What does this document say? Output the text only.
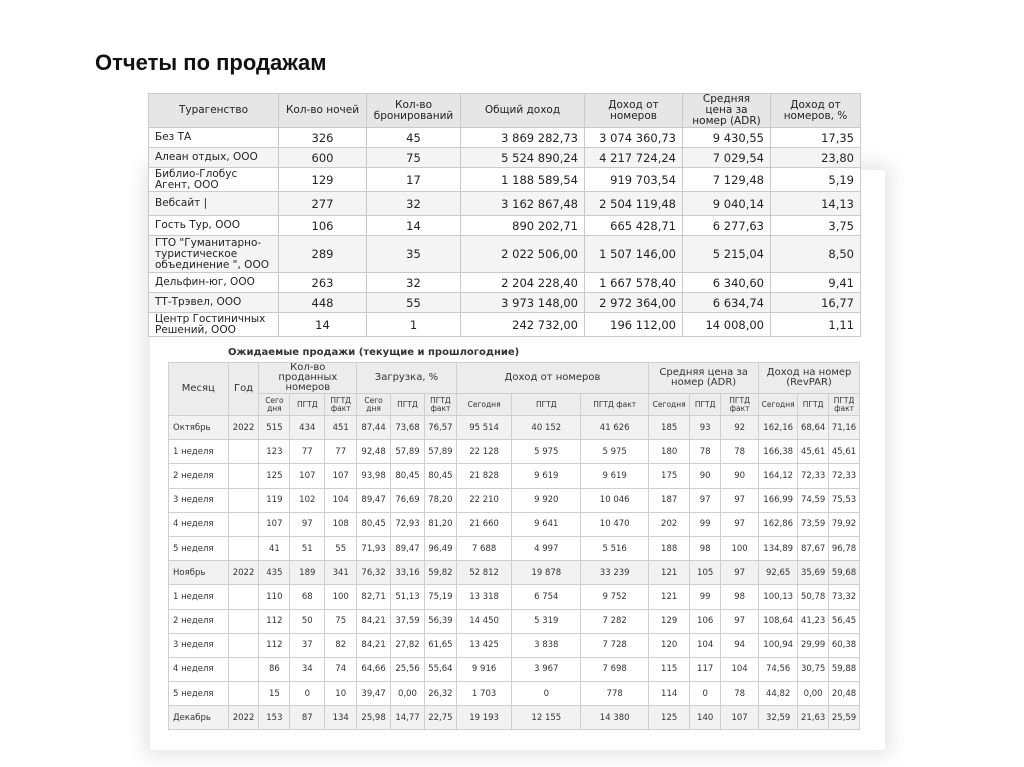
Отчеты по продажам
Турагенство	Кол-во ночей	Кол-во бронирований	Общий доход	Доход от номеров	Средняя цена за номер (ADR)	Доход от номеров, %
Без ТА	326	45	3 869 282,73	3 074 360,73	9 430,55	17,35
Алеан отдых, ООО	600	75	5 524 890,24	4 217 724,24	7 029,54	23,80
Библио-Глобус Агент, ООО	129	17	1 188 589,54	919 703,54	7 129,48	5,19
Вебсайт |	277	32	3 162 867,48	2 504 119,48	9 040,14	14,13
Гость Тур, ООО	106	14	890 202,71	665 428,71	6 277,63	3,75
ГТО "Гуманитарно-туристическое объединение ", ООО	289	35	2 022 506,00	1 507 146,00	5 215,04	8,50
Дельфин-юг, ООО	263	32	2 204 228,40	1 667 578,40	6 340,60	9,41
ТТ-Трэвел, ООО	448	55	3 973 148,00	2 972 364,00	6 634,74	16,77
Центр Гостиничных Решений, ООО	14	1	242 732,00	196 112,00	14 008,00	1,11
Ожидаемые продажи (текущие и прошлогодние)
Месяц	Год	Кол-во проданных номеров			Загрузка, %			Доход от номеров			Средняя цена за номер (ADR)			Доход на номер (RevPAR)		
		Сего дня	ПГТД	ПГТД факт	Сего дня	ПГТД	ПГТД факт	Сегодня	ПГТД	ПГТД факт	Сегодня	ПГТД	ПГТД факт	Сегодня	ПГТД	ПГТД факт
Октябрь	2022	515	434	451	87,44	73,68	76,57	95 514	40 152	41 626	185	93	92	162,16	68,64	71,16
1 неделя		123	77	77	92,48	57,89	57,89	22 128	5 975	5 975	180	78	78	166,38	45,61	45,61
2 неделя		125	107	107	93,98	80,45	80,45	21 828	9 619	9 619	175	90	90	164,12	72,33	72,33
3 неделя		119	102	104	89,47	76,69	78,20	22 210	9 920	10 046	187	97	97	166,99	74,59	75,53
4 неделя		107	97	108	80,45	72,93	81,20	21 660	9 641	10 470	202	99	97	162,86	73,59	79,92
5 неделя		41	51	55	71,93	89,47	96,49	7 688	4 997	5 516	188	98	100	134,89	87,67	96,78
Ноябрь	2022	435	189	341	76,32	33,16	59,82	52 812	19 878	33 239	121	105	97	92,65	35,69	59,68
1 неделя		110	68	100	82,71	51,13	75,19	13 318	6 754	9 752	121	99	98	100,13	50,78	73,32
2 неделя		112	50	75	84,21	37,59	56,39	14 450	5 319	7 282	129	106	97	108,64	41,23	56,45
3 неделя		112	37	82	84,21	27,82	61,65	13 425	3 838	7 728	120	104	94	100,94	29,99	60,38
4 неделя		86	34	74	64,66	25,56	55,64	9 916	3 967	7 698	115	117	104	74,56	30,75	59,88
5 неделя		15	0	10	39,47	0,00	26,32	1 703	0	778	114	0	78	44,82	0,00	20,48
Декабрь	2022	153	87	134	25,98	14,77	22,75	19 193	12 155	14 380	125	140	107	32,59	21,63	25,59
